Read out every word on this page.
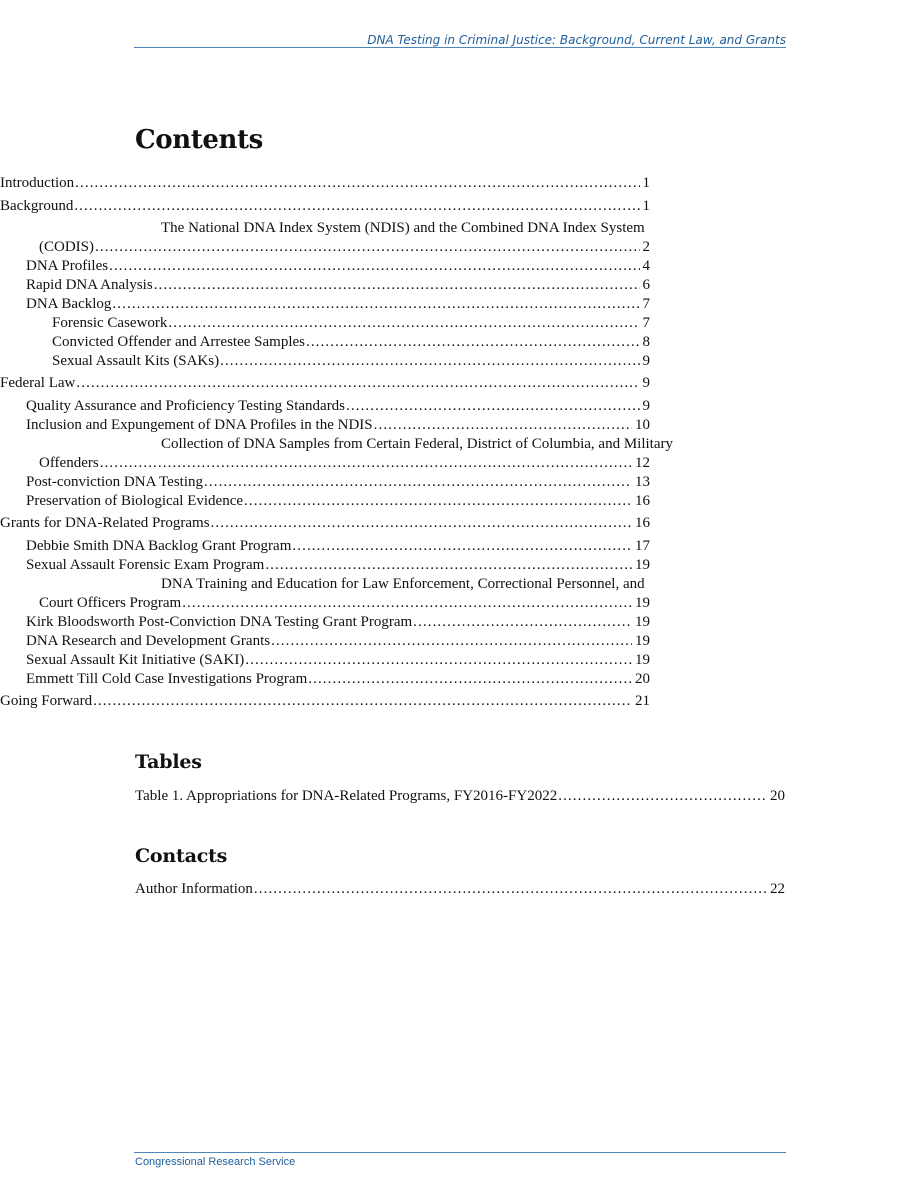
DNA Testing in Criminal Justice: Background, Current Law, and Grants
Contents
Introduction .....	1
Background .....	1
The National DNA Index System (NDIS) and the Combined DNA Index System
(CODIS) .....	2
DNA Profiles .....	4
Rapid DNA Analysis .....	6
DNA Backlog .....	7
Forensic Casework .....	7
Convicted Offender and Arrestee Samples .....	8
Sexual Assault Kits (SAKs) .....	9
Federal Law .....	9
Quality Assurance and Proficiency Testing Standards .....	9
Inclusion and Expungement of DNA Profiles in the NDIS .....	10
Collection of DNA Samples from Certain Federal, District of Columbia, and Military
Offenders .....	12
Post-conviction DNA Testing .....	13
Preservation of Biological Evidence .....	16
Grants for DNA-Related Programs .....	16
Debbie Smith DNA Backlog Grant Program .....	17
Sexual Assault Forensic Exam Program .....	19
DNA Training and Education for Law Enforcement, Correctional Personnel, and
Court Officers Program .....	19
Kirk Bloodsworth Post-Conviction DNA Testing Grant Program .....	19
DNA Research and Development Grants .....	19
Sexual Assault Kit Initiative (SAKI) .....	19
Emmett Till Cold Case Investigations Program .....	20
Going Forward .....	21
Tables
Table 1. Appropriations for DNA-Related Programs, FY2016-FY2022 .....	20
Contacts
Author Information .....	22
Congressional Research Service
